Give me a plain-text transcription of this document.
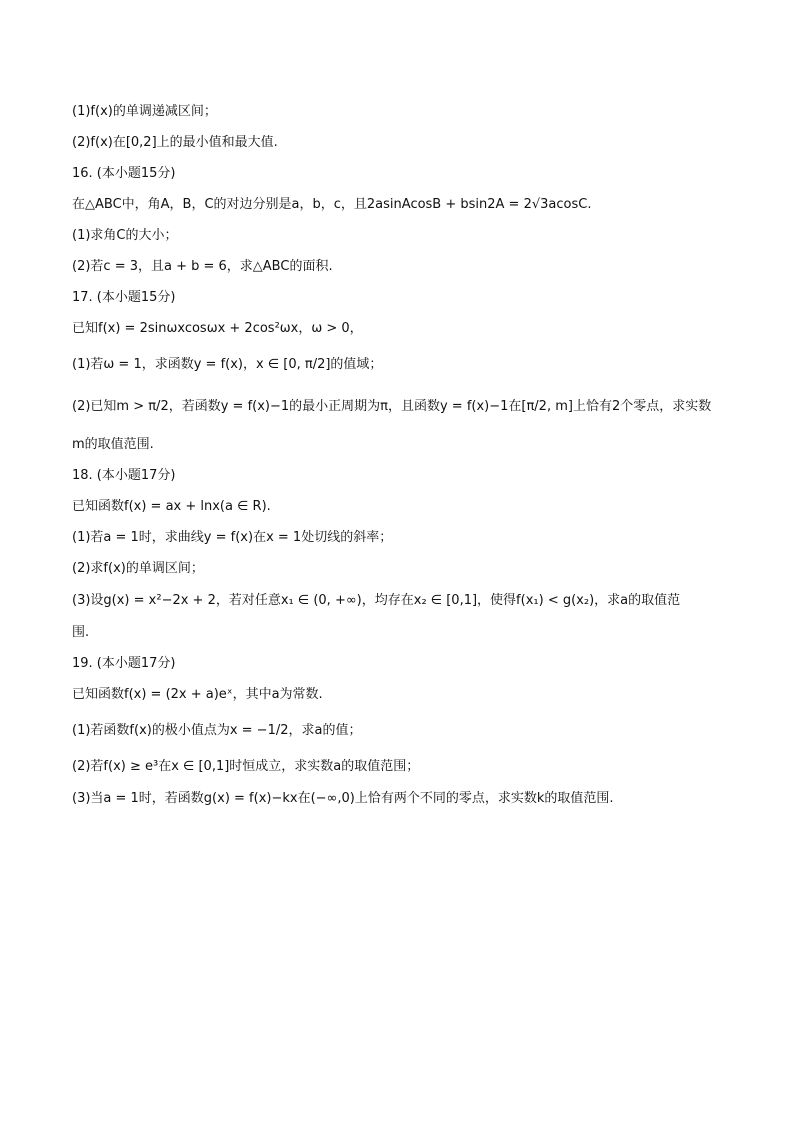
(1)f(x)的单调递减区间；
(2)f(x)在[0,2]上的最小值和最大值.
16. (本小题15分)
在△ABC中，角A，B，C的对边分别是a，b，c，且2asinAcosB + bsin2A = 2√3acosC.
(1)求角C的大小；
(2)若c = 3，且a + b = 6，求△ABC的面积.
17. (本小题15分)
已知f(x) = 2sinωxcosωx + 2cos²ωx，ω > 0，
(1)若ω = 1，求函数y = f(x)，x ∈ [0, π/2]的值域；
(2)已知m > π/2，若函数y = f(x)−1的最小正周期为π，且函数y = f(x)−1在[π/2, m]上恰有2个零点，求实数
m的取值范围.
18. (本小题17分)
已知函数f(x) = ax + lnx(a ∈ R).
(1)若a = 1时，求曲线y = f(x)在x = 1处切线的斜率；
(2)求f(x)的单调区间；
(3)设g(x) = x²−2x + 2，若对任意x₁ ∈ (0, +∞)，均存在x₂ ∈ [0,1]，使得f(x₁) < g(x₂)，求a的取值范
围.
19. (本小题17分)
已知函数f(x) = (2x + a)eˣ，其中a为常数.
(1)若函数f(x)的极小值点为x = −1/2，求a的值；
(2)若f(x) ≥ e³在x ∈ [0,1]时恒成立，求实数a的取值范围；
(3)当a = 1时，若函数g(x) = f(x)−kx在(−∞,0)上恰有两个不同的零点，求实数k的取值范围.
